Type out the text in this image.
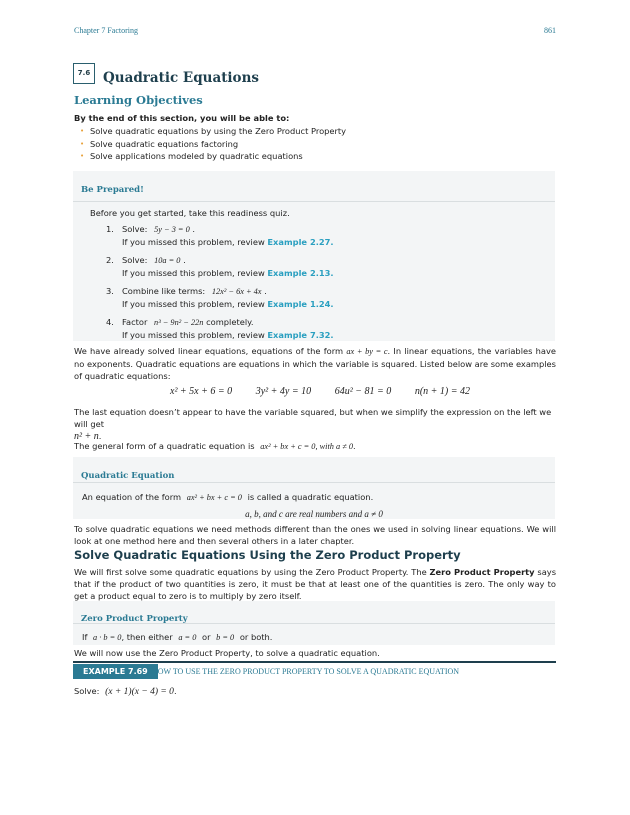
Chapter 7 Factoring	861
7.6 Quadratic Equations
Learning Objectives
By the end of this section, you will be able to:
• Solve quadratic equations by using the Zero Product Property
• Solve quadratic equations factoring
• Solve applications modeled by quadratic equations
Be Prepared!

Before you get started, take this readiness quiz.

1. Solve: 5y − 3 = 0 .
If you missed this problem, review Example 2.27.
2. Solve: 10a = 0 .
If you missed this problem, review Example 2.13.
3. Combine like terms: 12x² − 6x + 4x .
If you missed this problem, review Example 1.24.
4. Factor n³ − 9n² − 22n completely.
If you missed this problem, review Example 7.32.

We have already solved linear equations, equations of the form ax + by = c. In linear equations, the variables have no exponents. Quadratic equations are equations in which the variable is squared. Listed below are some examples of quadratic equations:

x² + 5x + 6 = 0 3y² + 4y = 10 64u² − 81 = 0 n(n + 1) = 42

The last equation doesn’t appear to have the variable squared, but when we simplify the expression on the left we will get
n² + n.

The general form of a quadratic equation is ax² + bx + c = 0, with a ≠ 0.

Quadratic Equation

An equation of the form ax² + bx + c = 0 is called a quadratic equation.

a, b, and c are real numbers and a ≠ 0

To solve quadratic equations we need methods different than the ones we used in solving linear equations. We will look at one method here and then several others in a later chapter.

Solve Quadratic Equations Using the Zero Product Property

We will first solve some quadratic equations by using the Zero Product Property. The Zero Product Property says that if the product of two quantities is zero, it must be that at least one of the quantities is zero. The only way to get a product equal to zero is to multiply by zero itself.

Zero Product Property

If a · b = 0, then either a = 0 or b = 0 or both.

We will now use the Zero Product Property, to solve a quadratic equation.

EXAMPLE 7.69 HOW TO USE THE ZERO PRODUCT PROPERTY TO SOLVE A QUADRATIC EQUATION

Solve: (x + 1)(x − 4) = 0.
